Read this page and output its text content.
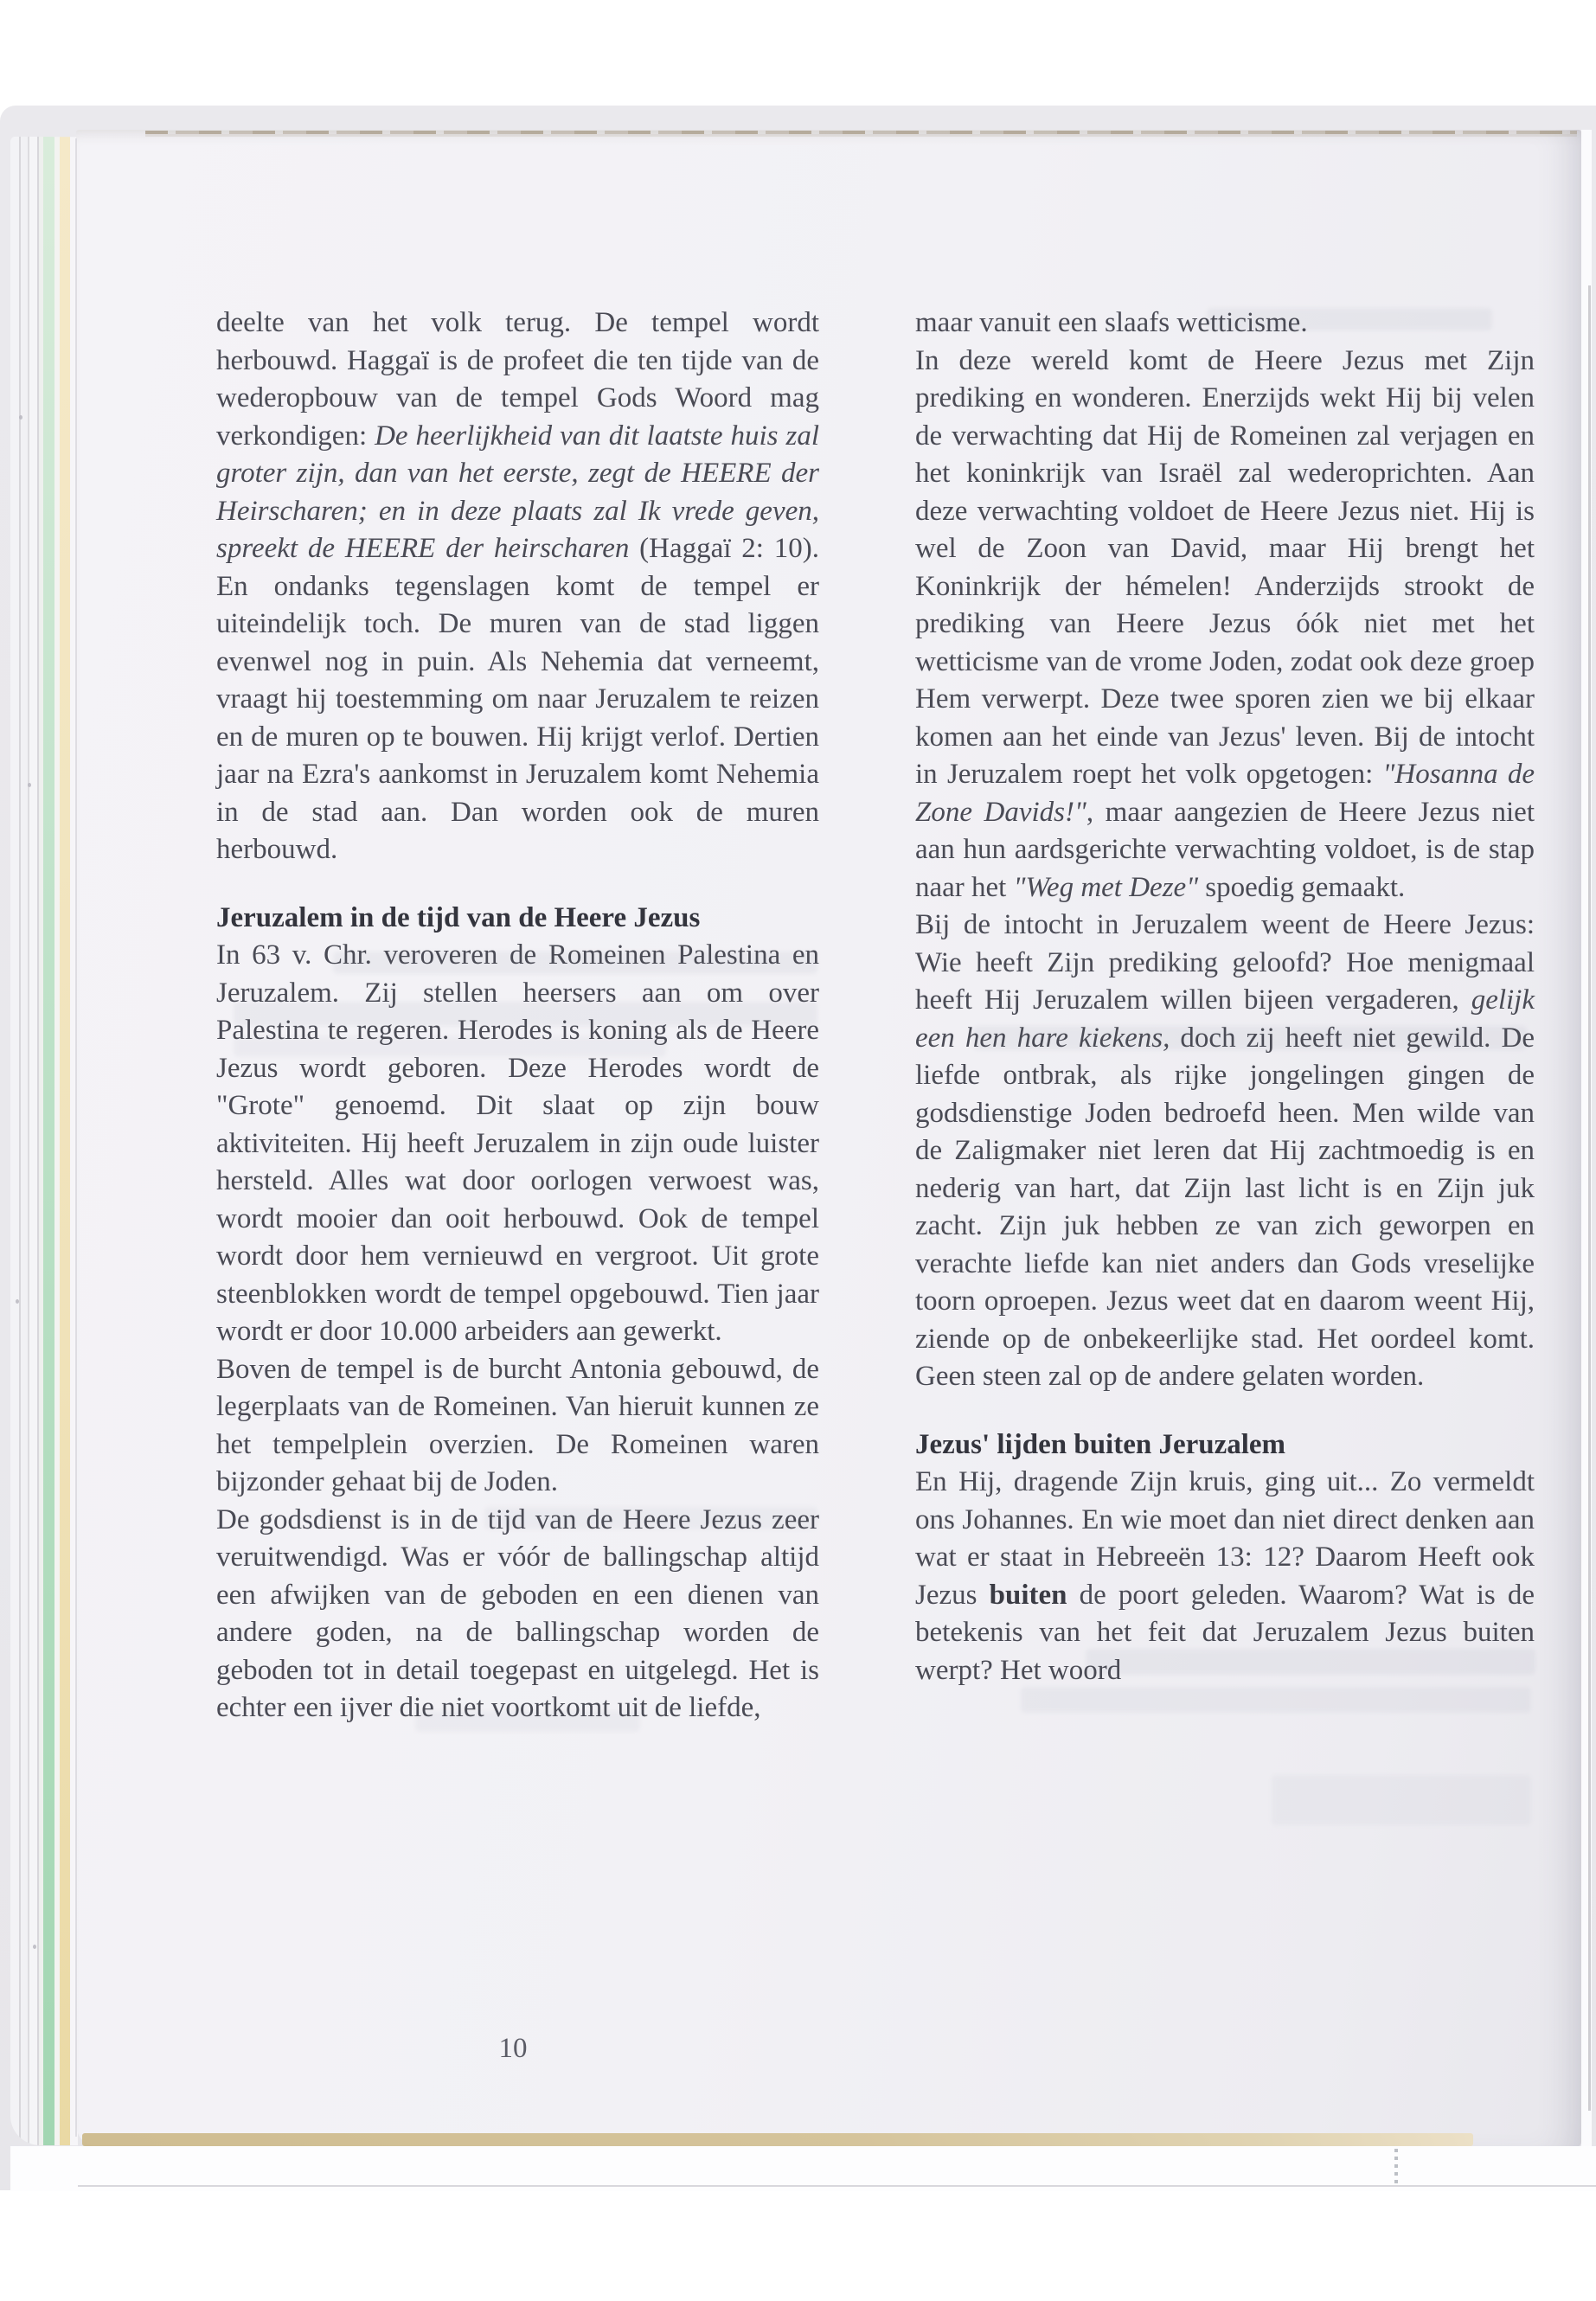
deelte van het volk terug. De tempel wordt herbouwd. Haggaï is de profeet die ten tijde van de wederopbouw van de tempel Gods Woord mag verkondigen: De heerlijkheid van dit laatste huis zal groter zijn, dan van het eerste, zegt de HEERE der Heirscharen; en in deze plaats zal Ik vrede geven, spreekt de HEERE der heirscharen (Haggaï 2: 10). En ondanks tegenslagen komt de tempel er uiteindelijk toch. De muren van de stad liggen evenwel nog in puin. Als Nehemia dat verneemt, vraagt hij toestemming om naar Jeruzalem te reizen en de muren op te bouwen. Hij krijgt verlof. Dertien jaar na Ezra's aankomst in Jeruzalem komt Nehemia in de stad aan. Dan worden ook de muren herbouwd.

Jeruzalem in de tijd van de Heere Jezus

In 63 v. Chr. veroveren de Romeinen Palestina en Jeruzalem. Zij stellen heersers aan om over Palestina te regeren. Herodes is koning als de Heere Jezus wordt geboren. Deze Herodes wordt de "Grote" genoemd. Dit slaat op zijn bouw aktiviteiten. Hij heeft Jeruzalem in zijn oude luister hersteld. Alles wat door oorlogen verwoest was, wordt mooier dan ooit herbouwd. Ook de tempel wordt door hem vernieuwd en vergroot. Uit grote steenblokken wordt de tempel opgebouwd. Tien jaar wordt er door 10.000 arbeiders aan gewerkt.

Boven de tempel is de burcht Antonia gebouwd, de legerplaats van de Romeinen. Van hieruit kunnen ze het tempelplein overzien. De Romeinen waren bijzonder gehaat bij de Joden.

De godsdienst is in de tijd van de Heere Jezus zeer veruitwendigd. Was er vóór de ballingschap altijd een afwijken van de geboden en een dienen van andere goden, na de ballingschap worden de geboden tot in detail toegepast en uitgelegd. Het is echter een ijver die niet voortkomt uit de liefde,

maar vanuit een slaafs wetticisme.

In deze wereld komt de Heere Jezus met Zijn prediking en wonderen. Enerzijds wekt Hij bij velen de verwachting dat Hij de Romeinen zal verjagen en het koninkrijk van Israël zal wederoprichten. Aan deze verwachting voldoet de Heere Jezus niet. Hij is wel de Zoon van David, maar Hij brengt het Koninkrijk der hémelen! Anderzijds strookt de prediking van Heere Jezus óók niet met het wetticisme van de vrome Joden, zodat ook deze groep Hem verwerpt. Deze twee sporen zien we bij elkaar komen aan het einde van Jezus' leven. Bij de intocht in Jeruzalem roept het volk opgetogen: "Hosanna de Zone Davids!", maar aangezien de Heere Jezus niet aan hun aardsgerichte verwachting voldoet, is de stap naar het "Weg met Deze" spoedig gemaakt.

Bij de intocht in Jeruzalem weent de Heere Jezus: Wie heeft Zijn prediking geloofd? Hoe menigmaal heeft Hij Jeruzalem willen bijeen vergaderen, gelijk een hen hare kiekens, doch zij heeft niet gewild. De liefde ontbrak, als rijke jongelingen gingen de godsdienstige Joden bedroefd heen. Men wilde van de Zaligmaker niet leren dat Hij zachtmoedig is en nederig van hart, dat Zijn last licht is en Zijn juk zacht. Zijn juk hebben ze van zich geworpen en verachte liefde kan niet anders dan Gods vreselijke toorn oproepen. Jezus weet dat en daarom weent Hij, ziende op de onbekeerlijke stad. Het oordeel komt. Geen steen zal op de andere gelaten worden.

Jezus' lijden buiten Jeruzalem

En Hij, dragende Zijn kruis, ging uit... Zo vermeldt ons Johannes. En wie moet dan niet direct denken aan wat er staat in Hebreeën 13: 12? Daarom Heeft ook Jezus buiten de poort geleden. Waarom? Wat is de betekenis van het feit dat Jeruzalem Jezus buiten werpt? Het woord

10
